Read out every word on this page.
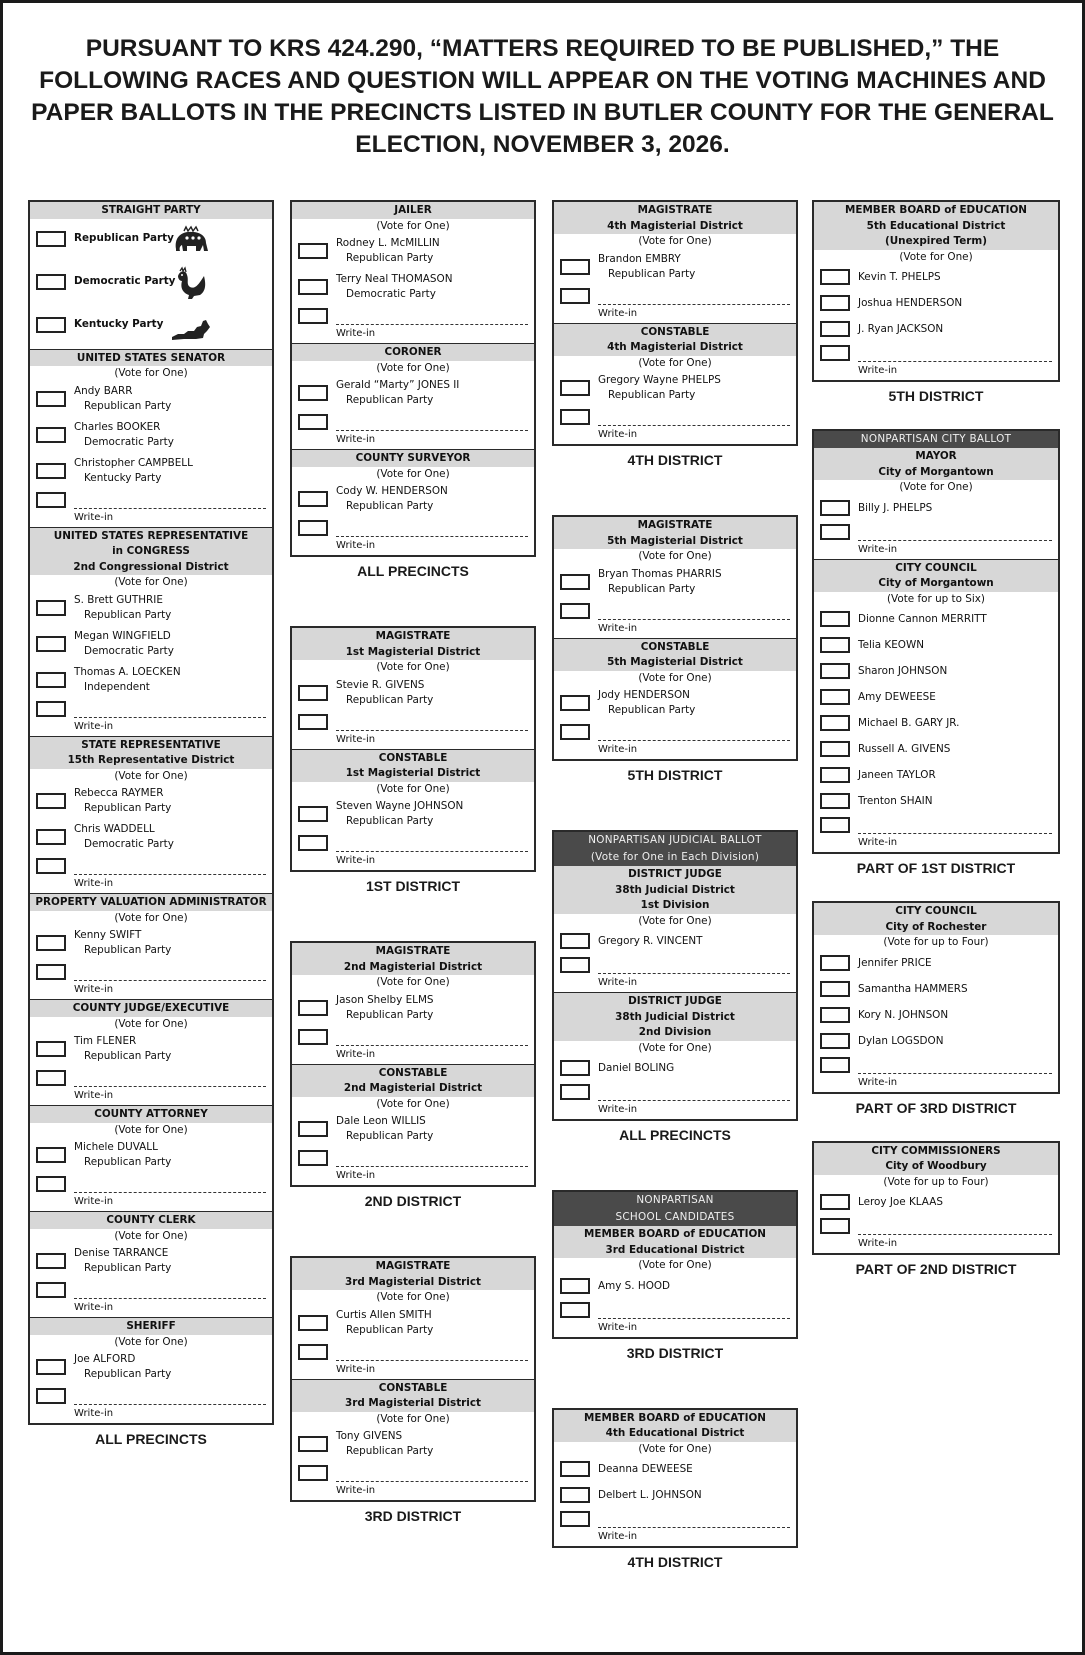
PURSUANT TO KRS 424.290, “MATTERS REQUIRED TO BE PUBLISHED,” THE FOLLOWING RACES AND QUESTION WILL APPEAR ON THE VOTING MACHINES AND PAPER BALLOTS IN THE PRECINCTS LISTED IN BUTLER COUNTY FOR THE GENERAL ELECTION, NOVEMBER 3, 2026.
STRAIGHT PARTY
Republican Party
Democratic Party
Kentucky Party
UNITED STATES SENATOR
(Vote for One)
Andy BARR
Republican Party
Charles BOOKER
Democratic Party
Christopher CAMPBELL
Kentucky Party
Write-in
UNITED STATES REPRESENTATIVE
in CONGRESS
2nd Congressional District
(Vote for One)
S. Brett GUTHRIE
Republican Party
Megan WINGFIELD
Democratic Party
Thomas A. LOECKEN
Independent
Write-in
STATE REPRESENTATIVE
15th Representative District
(Vote for One)
Rebecca RAYMER
Republican Party
Chris WADDELL
Democratic Party
Write-in
PROPERTY VALUATION ADMINISTRATOR
(Vote for One)
Kenny SWIFT
Republican Party
Write-in
COUNTY JUDGE/EXECUTIVE
(Vote for One)
Tim FLENER
Republican Party
Write-in
COUNTY ATTORNEY
(Vote for One)
Michele DUVALL
Republican Party
Write-in
COUNTY CLERK
(Vote for One)
Denise TARRANCE
Republican Party
Write-in
SHERIFF
(Vote for One)
Joe ALFORD
Republican Party
Write-in
ALL PRECINCTS
JAILER
(Vote for One)
Rodney L. McMILLIN
Republican Party
Terry Neal THOMASON
Democratic Party
Write-in
CORONER
(Vote for One)
Gerald “Marty” JONES II
Republican Party
Write-in
COUNTY SURVEYOR
(Vote for One)
Cody W. HENDERSON
Republican Party
Write-in
ALL PRECINCTS
MAGISTRATE
1st Magisterial District
(Vote for One)
Stevie R. GIVENS
Republican Party
Write-in
CONSTABLE
1st Magisterial District
(Vote for One)
Steven Wayne JOHNSON
Republican Party
Write-in
1ST DISTRICT
MAGISTRATE
2nd Magisterial District
(Vote for One)
Jason Shelby ELMS
Republican Party
Write-in
CONSTABLE
2nd Magisterial District
(Vote for One)
Dale Leon WILLIS
Republican Party
Write-in
2ND DISTRICT
MAGISTRATE
3rd Magisterial District
(Vote for One)
Curtis Allen SMITH
Republican Party
Write-in
CONSTABLE
3rd Magisterial District
(Vote for One)
Tony GIVENS
Republican Party
Write-in
3RD DISTRICT
MAGISTRATE
4th Magisterial District
(Vote for One)
Brandon EMBRY
Republican Party
Write-in
CONSTABLE
4th Magisterial District
(Vote for One)
Gregory Wayne PHELPS
Republican Party
Write-in
4TH DISTRICT
MAGISTRATE
5th Magisterial District
(Vote for One)
Bryan Thomas PHARRIS
Republican Party
Write-in
CONSTABLE
5th Magisterial District
(Vote for One)
Jody HENDERSON
Republican Party
Write-in
5TH DISTRICT
NONPARTISAN JUDICIAL BALLOT
(Vote for One in Each Division)
DISTRICT JUDGE
38th Judicial District
1st Division
(Vote for One)
Gregory R. VINCENT
Write-in
DISTRICT JUDGE
38th Judicial District
2nd Division
(Vote for One)
Daniel BOLING
Write-in
ALL PRECINCTS
NONPARTISAN
SCHOOL CANDIDATES
MEMBER BOARD of EDUCATION
3rd Educational District
(Vote for One)
Amy S. HOOD
Write-in
3RD DISTRICT
MEMBER BOARD of EDUCATION
4th Educational District
(Vote for One)
Deanna DEWEESE
Delbert L. JOHNSON
Write-in
4TH DISTRICT
MEMBER BOARD of EDUCATION
5th Educational District
(Unexpired Term)
(Vote for One)
Kevin T. PHELPS
Joshua HENDERSON
J. Ryan JACKSON
Write-in
5TH DISTRICT
NONPARTISAN CITY BALLOT
MAYOR
City of Morgantown
(Vote for One)
Billy J. PHELPS
Write-in
CITY COUNCIL
City of Morgantown
(Vote for up to Six)
Dionne Cannon MERRITT
Telia KEOWN
Sharon JOHNSON
Amy DEWEESE
Michael B. GARY JR.
Russell A. GIVENS
Janeen TAYLOR
Trenton SHAIN
Write-in
PART OF 1ST DISTRICT
CITY COUNCIL
City of Rochester
(Vote for up to Four)
Jennifer PRICE
Samantha HAMMERS
Kory N. JOHNSON
Dylan LOGSDON
Write-in
PART OF 3RD DISTRICT
CITY COMMISSIONERS
City of Woodbury
(Vote for up to Four)
Leroy Joe KLAAS
Write-in
PART OF 2ND DISTRICT
